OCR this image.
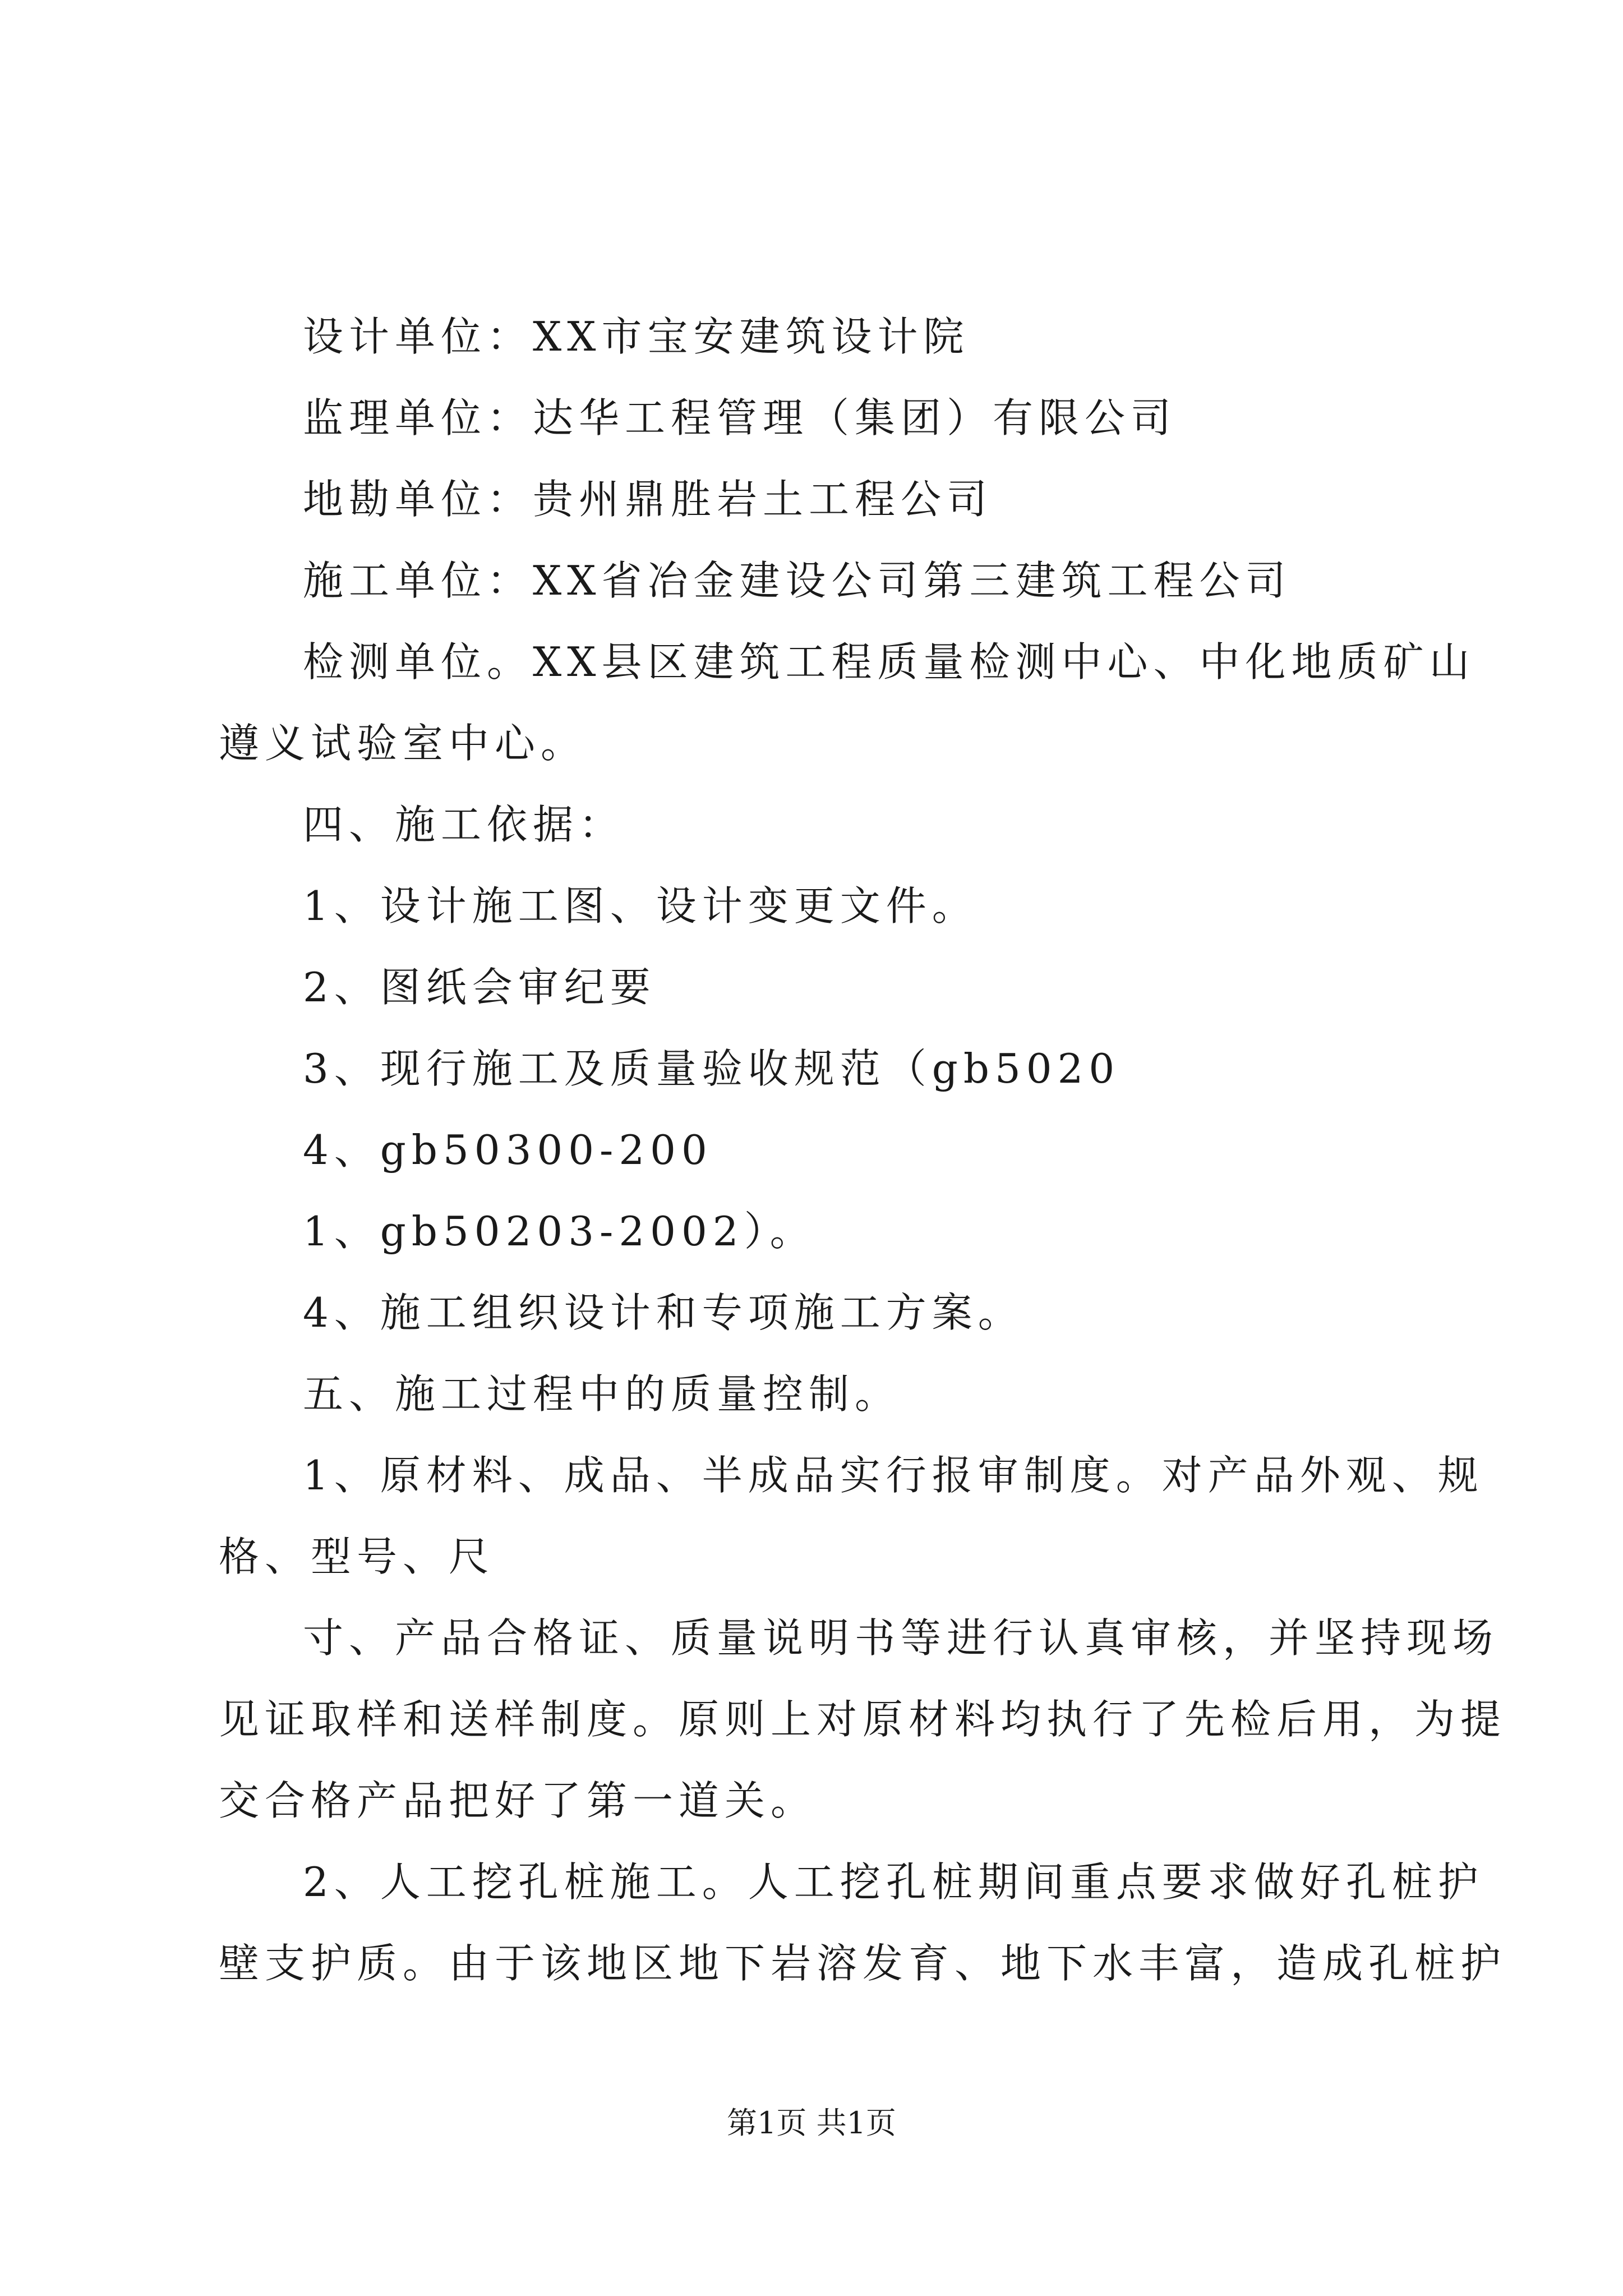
设计单位：XX市宝安建筑设计院
监理单位：达华工程管理（集团）有限公司
地勘单位：贵州鼎胜岩土工程公司
施工单位：XX省冶金建设公司第三建筑工程公司
检测单位。XX县区建筑工程质量检测中心、中化地质矿山
遵义试验室中心。
四、施工依据：
1、设计施工图、设计变更文件。
2、图纸会审纪要
3、现行施工及质量验收规范（gb5020
4、gb50300-200
1、gb50203-2002）。
4、施工组织设计和专项施工方案。
五、施工过程中的质量控制。
1、原材料、成品、半成品实行报审制度。对产品外观、规
格、型号、尺
寸、产品合格证、质量说明书等进行认真审核，并坚持现场
见证取样和送样制度。原则上对原材料均执行了先检后用，为提
交合格产品把好了第一道关。
2、人工挖孔桩施工。人工挖孔桩期间重点要求做好孔桩护
壁支护质。由于该地区地下岩溶发育、地下水丰富，造成孔桩护
第1页 共1页
